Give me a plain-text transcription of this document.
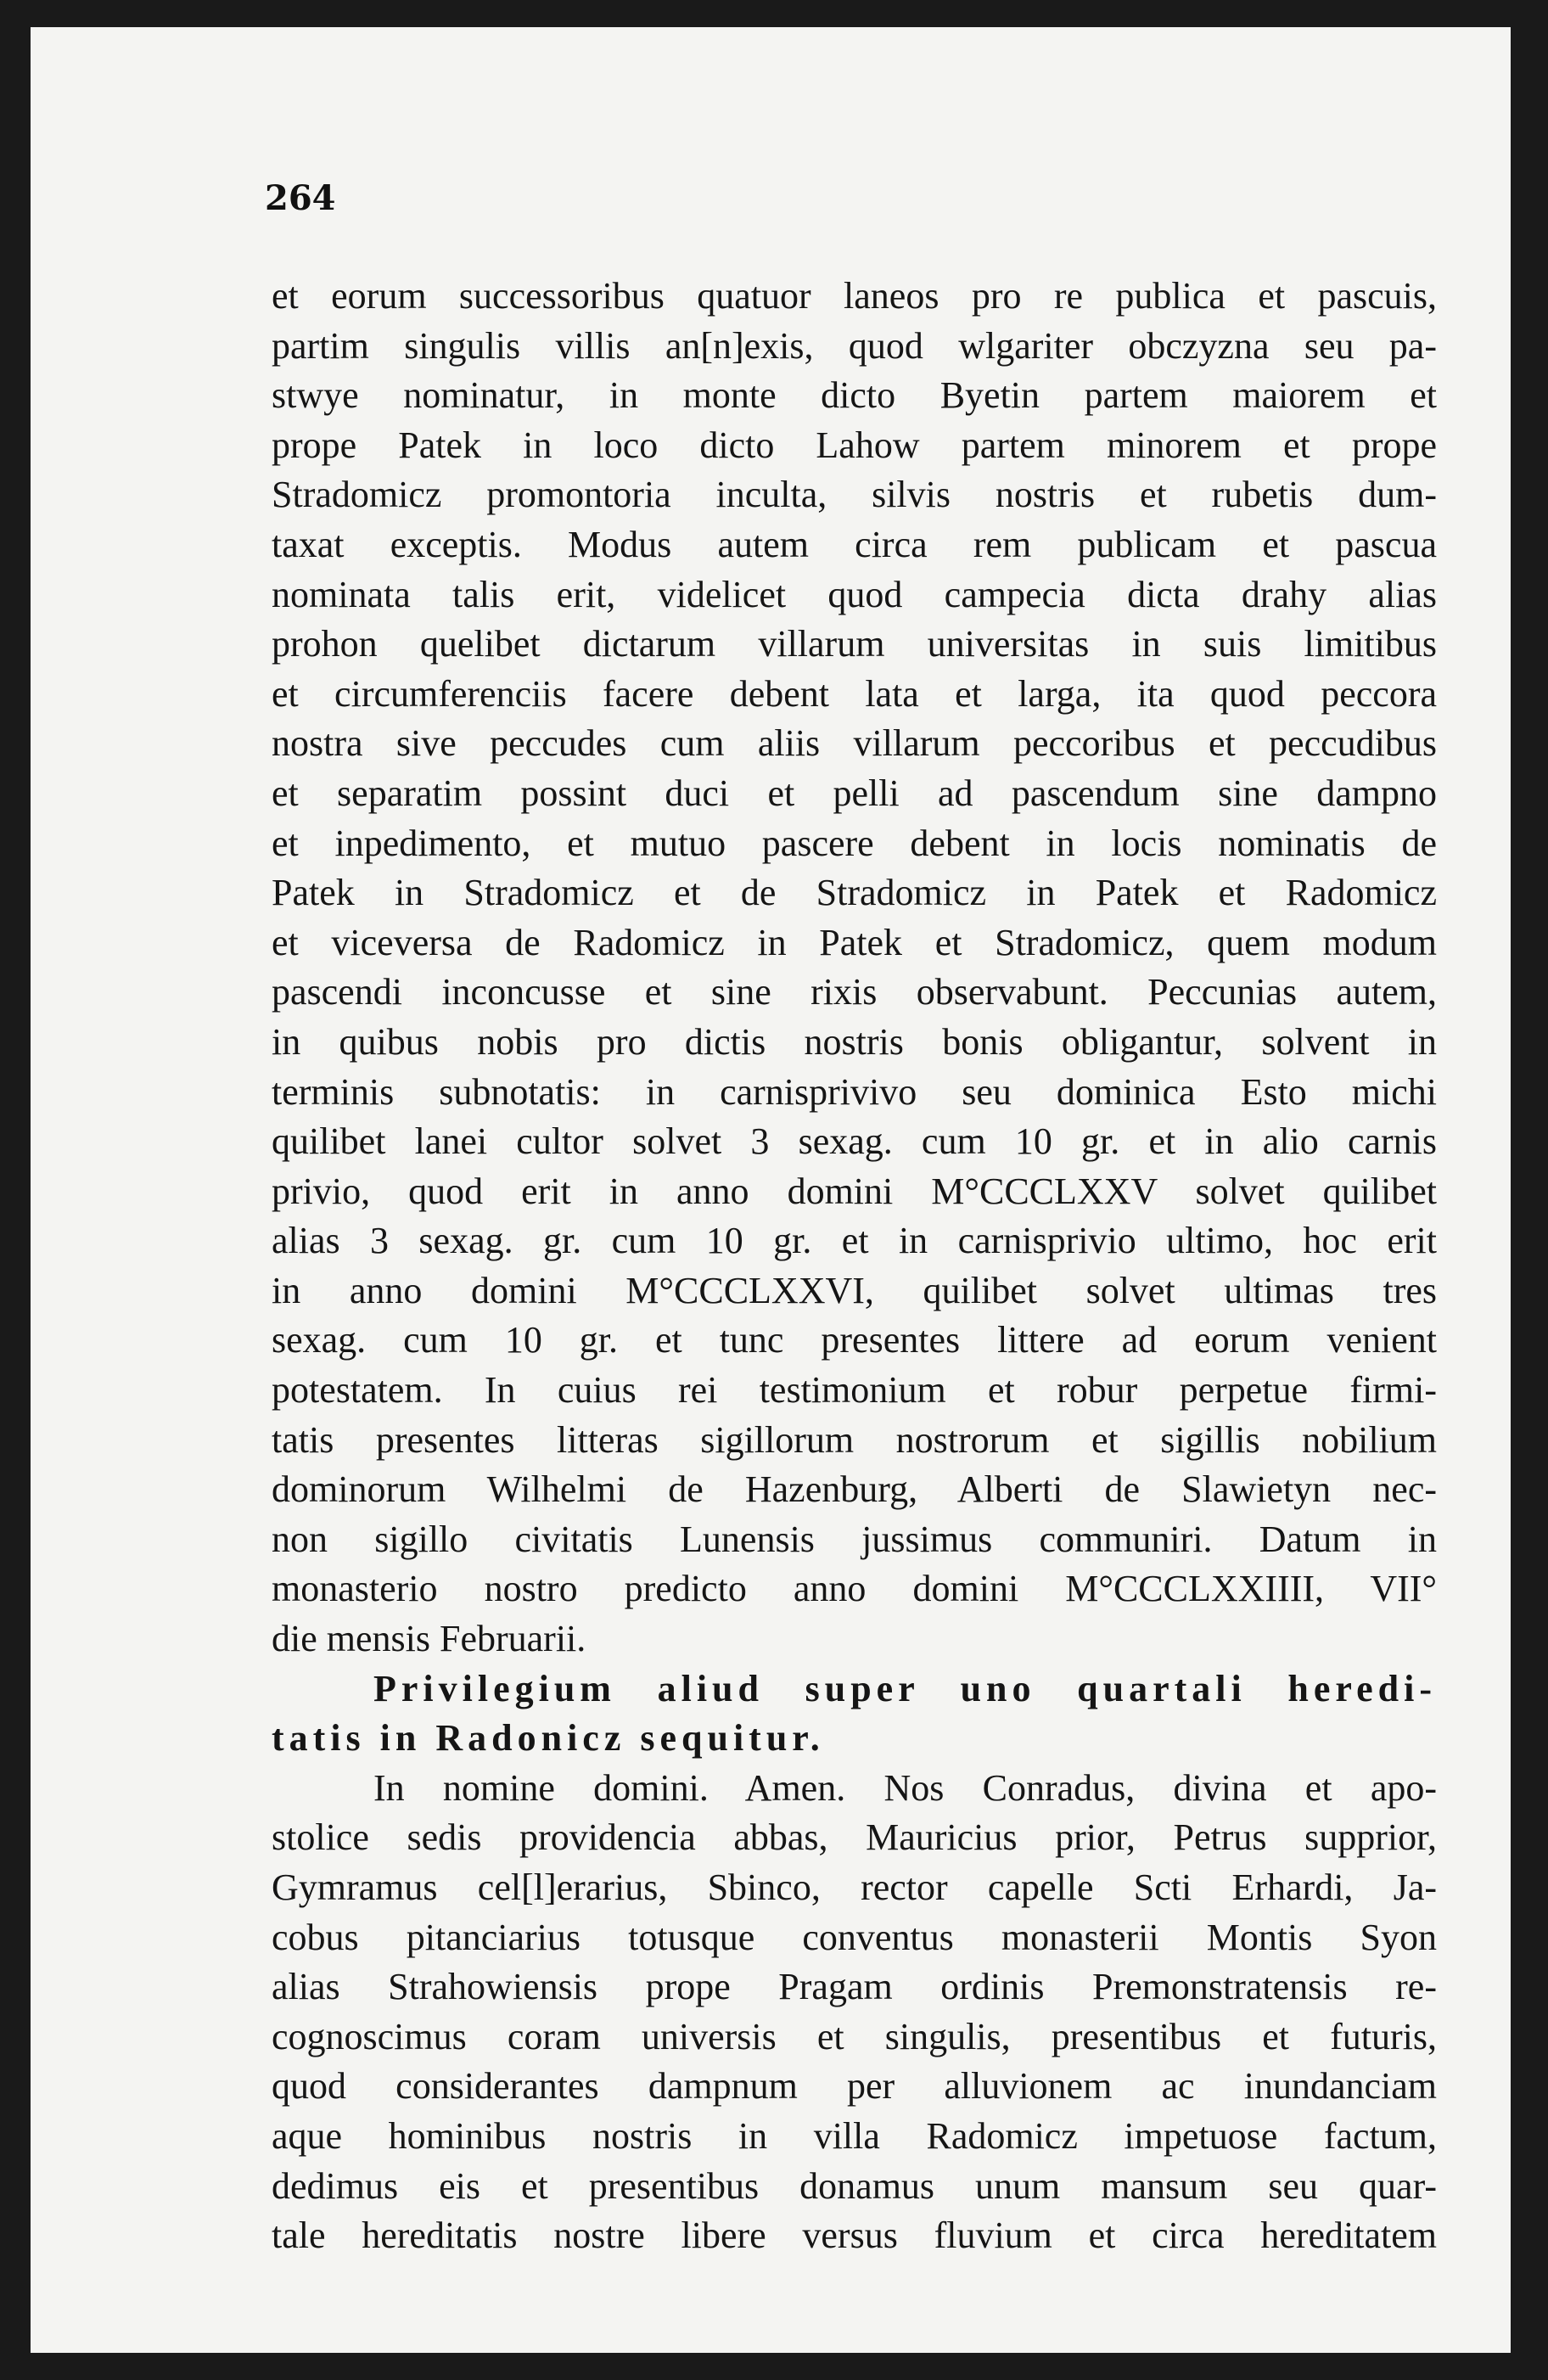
264
et eorum successoribus quatuor laneos pro re publica et pascuis,
partim singulis villis an[n]exis, quod wlgariter obczyzna seu pa-
stwye nominatur, in monte dicto Byetin partem maiorem et
prope Patek in loco dicto Lahow partem minorem et prope
Stradomicz promontoria inculta, silvis nostris et rubetis dum-
taxat exceptis. Modus autem circa rem publicam et pascua
nominata talis erit, videlicet quod campecia dicta drahy alias
prohon quelibet dictarum villarum universitas in suis limitibus
et circumferenciis facere debent lata et larga, ita quod peccora
nostra sive peccudes cum aliis villarum peccoribus et peccudibus
et separatim possint duci et pelli ad pascendum sine dampno
et inpedimento, et mutuo pascere debent in locis nominatis de
Patek in Stradomicz et de Stradomicz in Patek et Radomicz
et viceversa de Radomicz in Patek et Stradomicz, quem modum
pascendi inconcusse et sine rixis observabunt. Peccunias autem,
in quibus nobis pro dictis nostris bonis obligantur, solvent in
terminis subnotatis: in carnisprivivo seu dominica Esto michi
quilibet lanei cultor solvet 3 sexag. cum 10 gr. et in alio carnis
privio, quod erit in anno domini M°CCCLXXV solvet quilibet
alias 3 sexag. gr. cum 10 gr. et in carnisprivio ultimo, hoc erit
in anno domini M°CCCLXXVI, quilibet solvet ultimas tres
sexag. cum 10 gr. et tunc presentes littere ad eorum venient
potestatem. In cuius rei testimonium et robur perpetue firmi-
tatis presentes litteras sigillorum nostrorum et sigillis nobilium
dominorum Wilhelmi de Hazenburg, Alberti de Slawietyn nec-
non sigillo civitatis Lunensis jussimus communiri. Datum in
monasterio nostro predicto anno domini M°CCCLXXIIII, VII°
die mensis Februarii.
Privilegium aliud super uno quartali heredi-
tatis in Radonicz sequitur.
In nomine domini. Amen. Nos Conradus, divina et apo-
stolice sedis providencia abbas, Mauricius prior, Petrus supprior,
Gymramus cel[l]erarius, Sbinco, rector capelle Scti Erhardi, Ja-
cobus pitanciarius totusque conventus monasterii Montis Syon
alias Strahowiensis prope Pragam ordinis Premonstratensis re-
cognoscimus coram universis et singulis, presentibus et futuris,
quod considerantes dampnum per alluvionem ac inundanciam
aque hominibus nostris in villa Radomicz impetuose factum,
dedimus eis et presentibus donamus unum mansum seu quar-
tale hereditatis nostre libere versus fluvium et circa hereditatem
